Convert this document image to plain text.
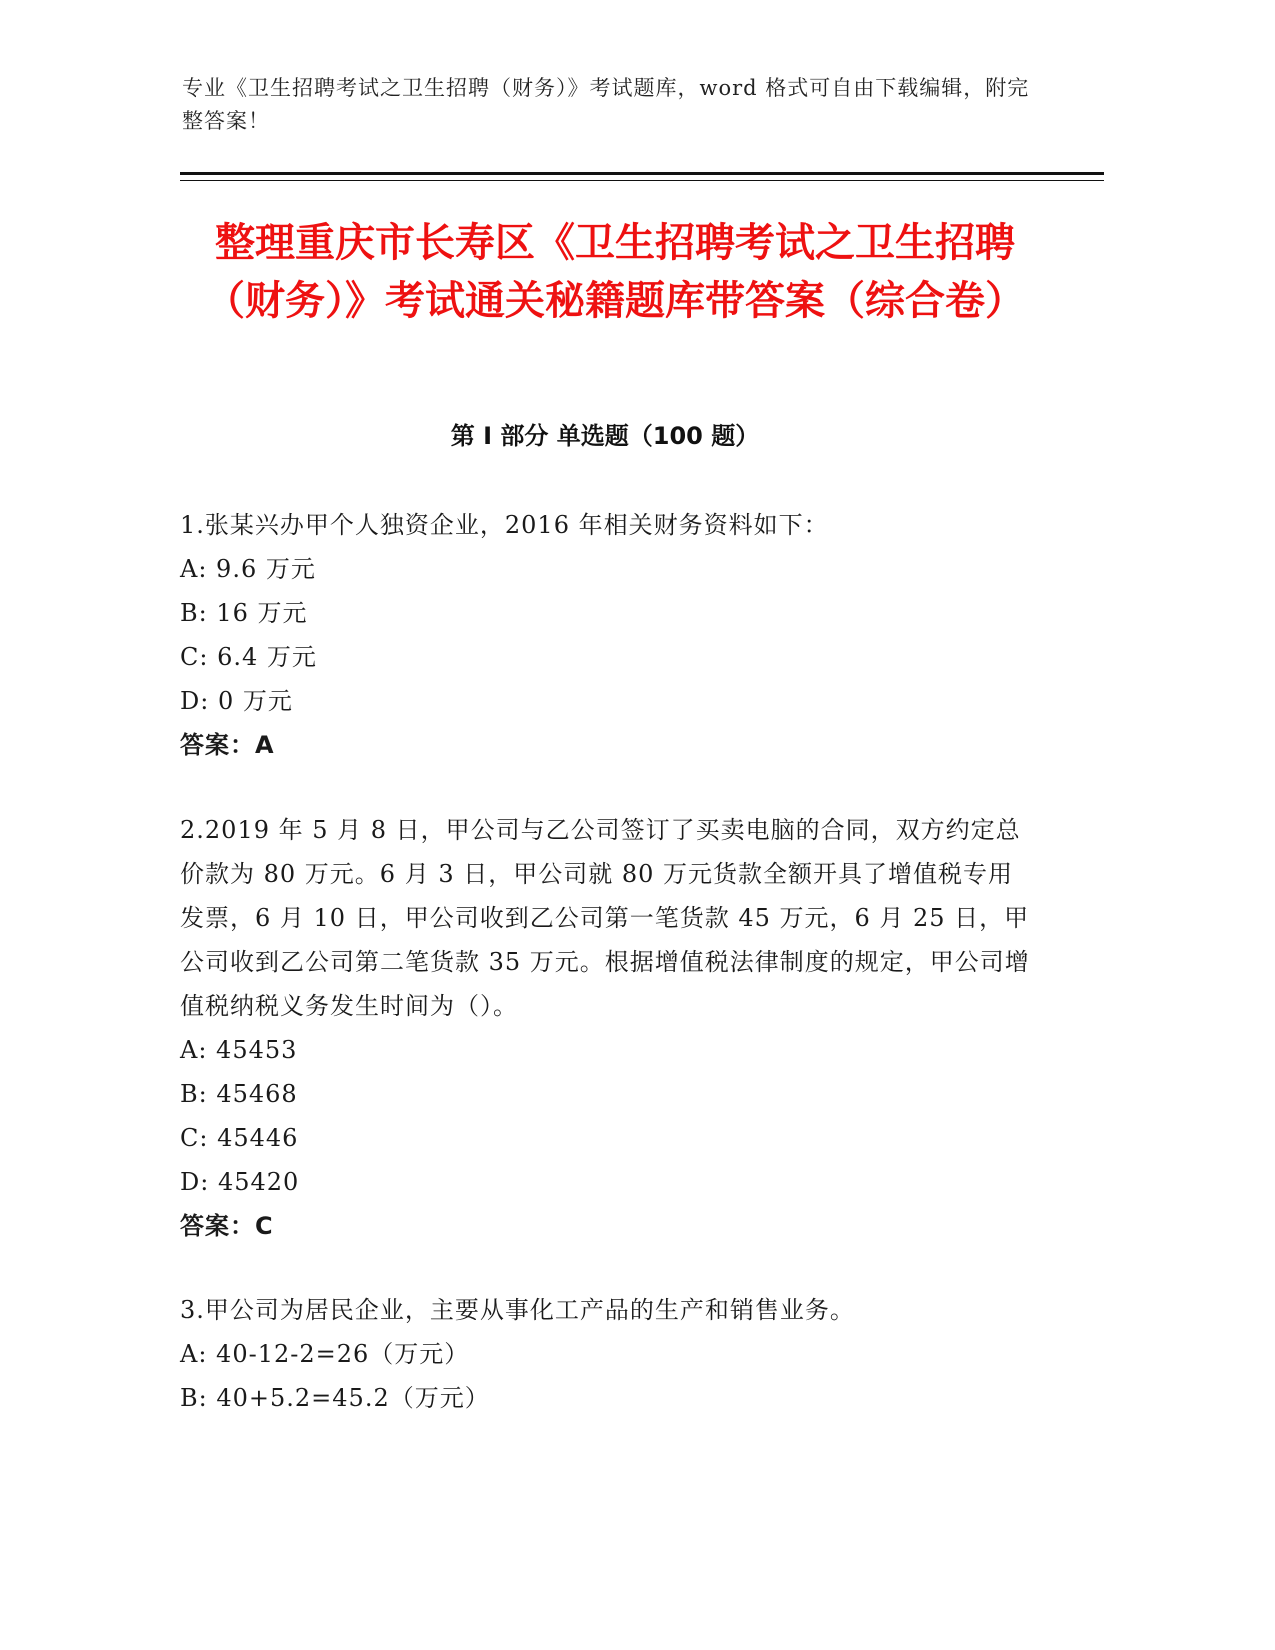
专业《卫生招聘考试之卫生招聘（财务）》考试题库，word 格式可自由下载编辑，附完整答案！
整理重庆市长寿区《卫生招聘考试之卫生招聘（财务）》考试通关秘籍题库带答案（综合卷）
第 I 部分 单选题（100 题）
1.张某兴办甲个人独资企业，2016 年相关财务资料如下：
A: 9.6 万元
B: 16 万元
C: 6.4 万元
D: 0 万元
答案：A
2.2019 年 5 月 8 日，甲公司与乙公司签订了买卖电脑的合同，双方约定总价款为 80 万元。6 月 3 日，甲公司就 80 万元货款全额开具了增值税专用发票，6 月 10 日，甲公司收到乙公司第一笔货款 45 万元，6 月 25 日，甲公司收到乙公司第二笔货款 35 万元。根据增值税法律制度的规定，甲公司增值税纳税义务发生时间为（）。
A: 45453
B: 45468
C: 45446
D: 45420
答案：C
3.甲公司为居民企业，主要从事化工产品的生产和销售业务。
A: 40-12-2=26（万元）
B: 40+5.2=45.2（万元）
